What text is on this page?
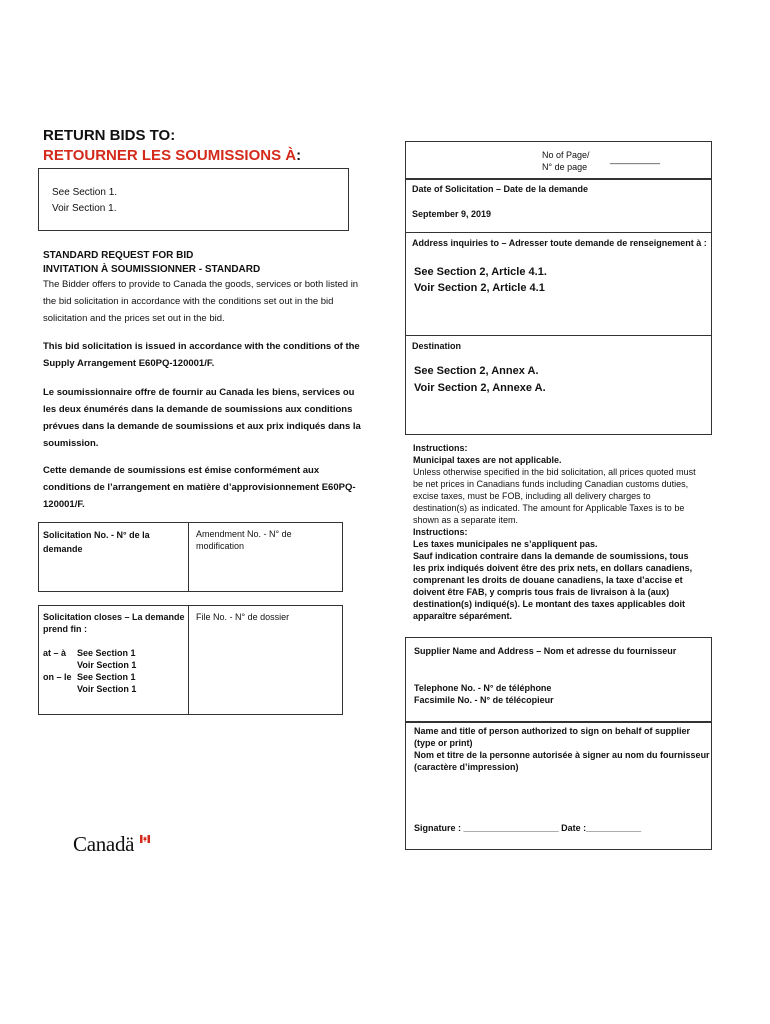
RETURN BIDS TO:
RETOURNER LES SOUMISSIONS À:
See Section 1.
Voir Section 1.
STANDARD REQUEST FOR BID
INVITATION À SOUMISSIONNER - STANDARD
The Bidder offers to provide to Canada the goods, services or both listed in the bid solicitation in accordance with the conditions set out in the bid solicitation and the prices set out in the bid.
This bid solicitation is issued in accordance with the conditions of the Supply Arrangement E60PQ-120001/F.
Le soumissionnaire offre de fournir au Canada les biens, services ou les deux énumérés dans la demande de soumissions aux conditions prévues dans la demande de soumissions et aux prix indiqués dans la soumission.
Cette demande de soumissions est émise conformément aux conditions de l’arrangement en matière d’approvisionnement E60PQ-120001/F.
Solicitation No. - N° de la demande
Amendment No. - N° de modification
Solicitation closes – La demande prend fin :
File No. - N° de dossier
at – à See Section 1
Voir Section 1
on – le See Section 1
Voir Section 1
No of Page/
N° de page
__________
Date of Solicitation – Date de la demande
September 9, 2019
Address inquiries to – Adresser toute demande de renseignement à :
See Section 2, Article 4.1.
Voir Section 2, Article 4.1
Destination
See Section 2, Annex A.
Voir Section 2, Annexe A.
Instructions:
Municipal taxes are not applicable.
Unless otherwise specified in the bid solicitation, all prices quoted must be net prices in Canadians funds including Canadian customs duties, excise taxes, must be FOB, including all delivery charges to destination(s) as indicated. The amount for Applicable Taxes is to be shown as a separate item.
Instructions:
Les taxes municipales ne s’appliquent pas.
Sauf indication contraire dans la demande de soumissions, tous les prix indiqués doivent être des prix nets, en dollars canadiens, comprenant les droits de douane canadiens, la taxe d’accise et doivent être FAB, y compris tous frais de livraison à la (aux) destination(s) indiqué(s). Le montant des taxes applicables doit apparaître séparément.
Supplier Name and Address – Nom et adresse du fournisseur
Telephone No. - N° de téléphone
Facsimile No. - N° de télécopieur
Name and title of person authorized to sign on behalf of supplier
(type or print)
Nom et titre de la personne autorisée à signer au nom du fournisseur
(caractère d’impression)
Signature : ___________________ Date :___________
Canadä
